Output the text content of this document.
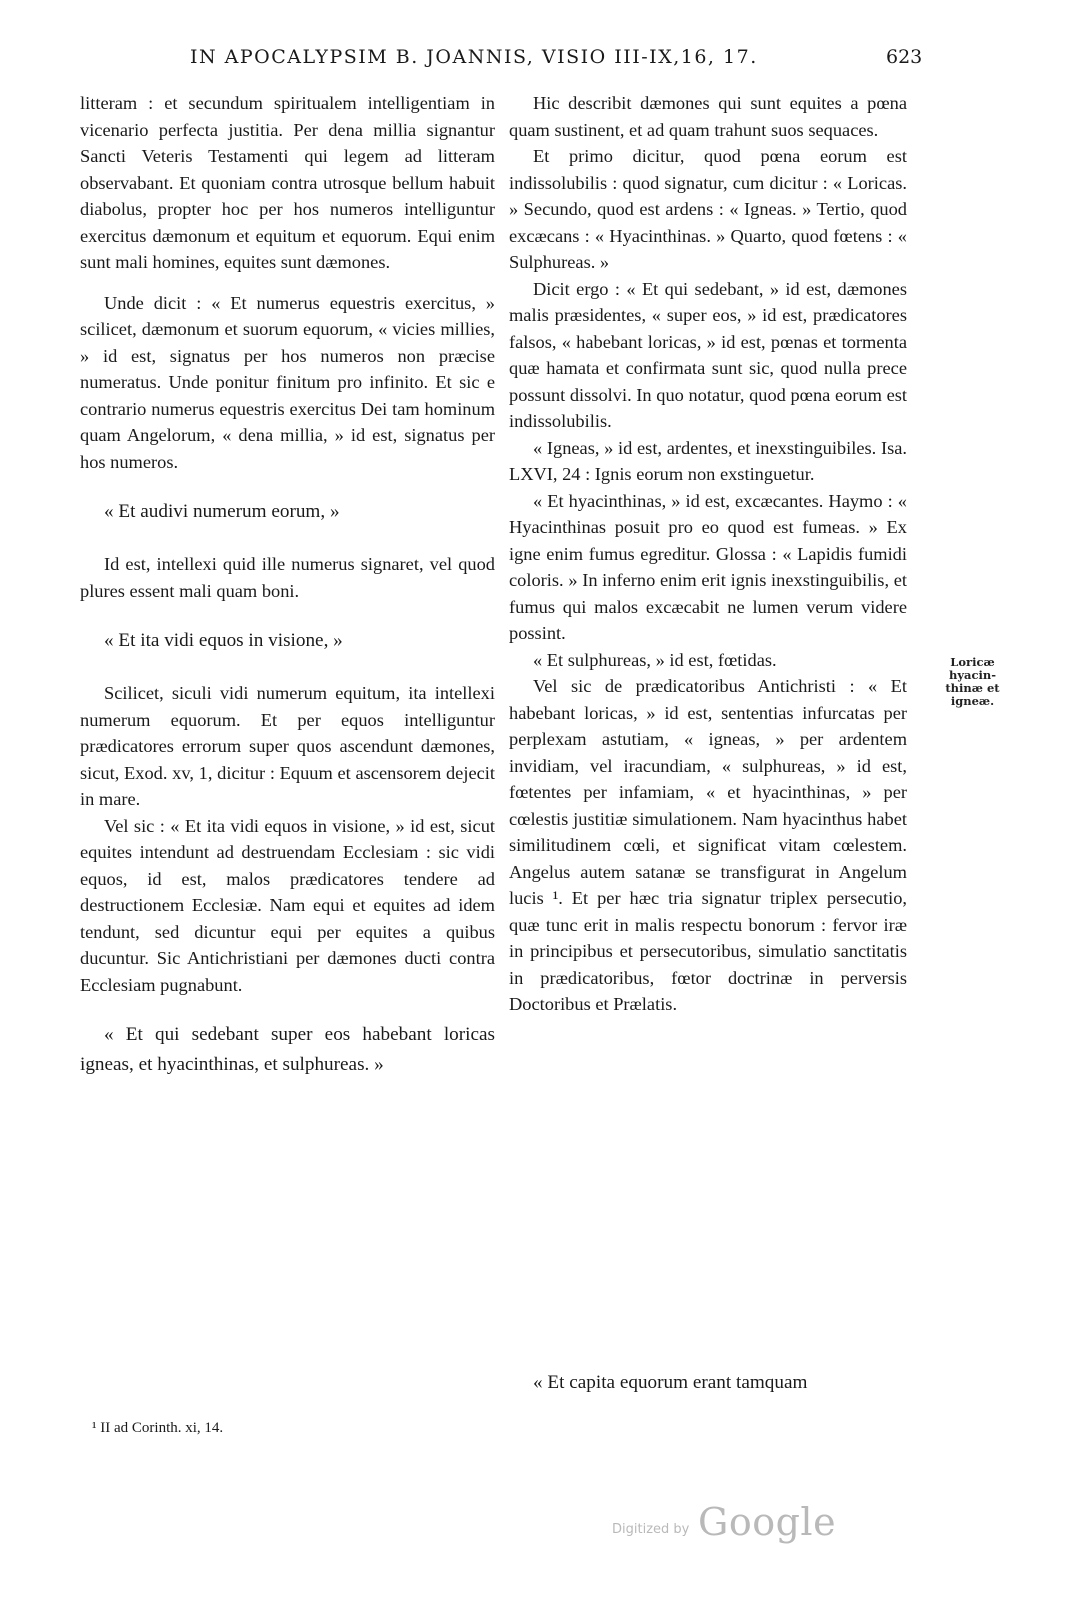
IN APOCALYPSIM B. JOANNIS, VISIO III-IX,16, 17.	623

litteram : et secundum spiritualem intelligentiam in vicenario perfecta justitia. Per dena millia signantur Sancti Veteris Testamenti qui legem ad litteram observabant. Et quoniam contra utrosque bellum habuit diabolus, propter hoc per hos numeros intelliguntur exercitus dæmonum et equitum et equorum. Equi enim sunt mali homines, equites sunt dæmones.

Unde dicit : « Et numerus equestris exercitus, » scilicet, dæmonum et suorum equorum, « vicies millies, » id est, signatus per hos numeros non præcise numeratus. Unde ponitur finitum pro infinito. Et sic e contrario numerus equestris exercitus Dei tam hominum quam Angelorum, « dena millia, » id est, signatus per hos numeros.

« Et audivi numerum eorum, »

Id est, intellexi quid ille numerus signaret, vel quod plures essent mali quam boni.

« Et ita vidi equos in visione, »

Scilicet, siculi vidi numerum equitum, ita intellexi numerum equorum. Et per equos intelliguntur prædicatores errorum super quos ascendunt dæmones, sicut, Exod. xv, 1, dicitur : Equum et ascensorem dejecit in mare.

Vel sic : « Et ita vidi equos in visione, » id est, sicut equites intendunt ad destruendam Ecclesiam : sic vidi equos, id est, malos prædicatores tendere ad destructionem Ecclesiæ. Nam equi et equites ad idem tendunt, sed dicuntur equi per equites a quibus ducuntur. Sic Antichristiani per dæmones ducti contra Ecclesiam pugnabunt.

« Et qui sedebant super eos habebant loricas igneas, et hyacinthinas, et sulphureas. »

Hic describit dæmones qui sunt equites a pœna quam sustinent, et ad quam trahunt suos sequaces.

Et primo dicitur, quod pœna eorum est indissolubilis : quod signatur, cum dicitur : « Loricas. » Secundo, quod est ardens : « Igneas. » Tertio, quod excæcans : « Hyacinthinas. » Quarto, quod fœtens : « Sulphureas. »

Dicit ergo : « Et qui sedebant, » id est, dæmones malis præsidentes, « super eos, » id est, prædicatores falsos, « habebant loricas, » id est, pœnas et tormenta quæ hamata et confirmata sunt sic, quod nulla prece possunt dissolvi. In quo notatur, quod pœna eorum est indissolubilis.

« Igneas, » id est, ardentes, et inexstinguibiles. Isa. LXVI, 24 : Ignis eorum non exstinguetur.

« Et hyacinthinas, » id est, excæcantes. Haymo : « Hyacinthinas posuit pro eo quod est fumeas. » Ex igne enim fumus egreditur. Glossa : « Lapidis fumidi coloris. » In inferno enim erit ignis inexstinguibilis, et fumus qui malos excæcabit ne lumen verum videre possint.

« Et sulphureas, » id est, fœtidas.

Vel sic de prædicatoribus Antichristi : « Et habebant loricas, » id est, sententias infurcatas per perplexam astutiam, « igneas, » per ardentem invidiam, vel iracundiam, « sulphureas, » id est, fœtentes per infamiam, « et hyacinthinas, » per cœlestis justitiæ simulationem. Nam hyacinthus habet similitudinem cœli, et significat vitam cœlestem. Angelus autem satanæ se transfigurat in Angelum lucis ¹. Et per hæc tria signatur triplex persecutio, quæ tunc erit in malis respectu bonorum : fervor iræ in principibus et persecutoribus, simulatio sanctitatis in prædicatoribus, fœtor doctrinæ in perversis Doctoribus et Prælatis.

« Et capita equorum erant tamquam
Loricæ
hyacin-
thinæ et
igneæ.
¹ II ad Corinth. xi, 14.
Digitized by Google
